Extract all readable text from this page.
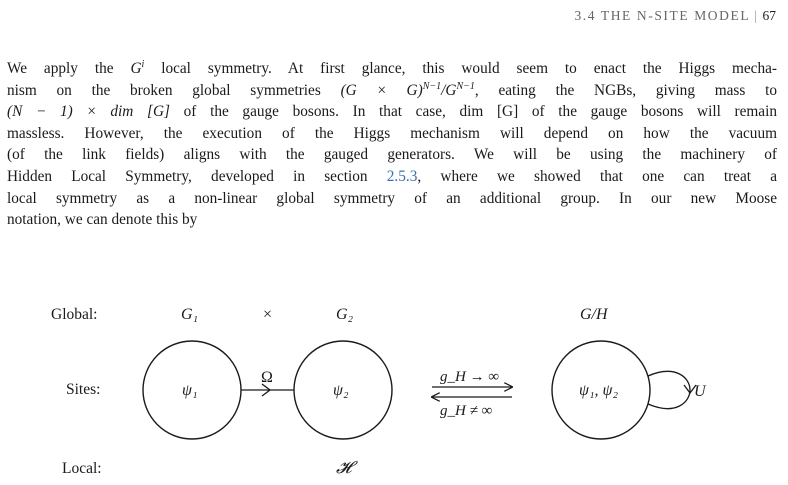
3.4 THE N-SITE MODEL | 67
We apply the $G^i$ local symmetry. At first glance, this would seem to enact the Higgs mecha-
nism on the broken global symmetries $(G \times G)^{N-1}/G^{N-1}$, eating the NGBs, giving mass to
(N − 1) × dim [G] of the gauge bosons. In that case, dim [G] of the gauge bosons will remain
massless. However, the execution of the Higgs mechanism will depend on how the vacuum
(of the link fields) aligns with the gauged generators. We will be using the machinery of
Hidden Local Symmetry, developed in section 2.5.3, where we showed that one can treat a
local symmetry as a non-linear global symmetry of an additional group. In our new Moose
notation, we can denote this by
Global:
Sites:
Local:
G₁	×	G₂	G/H
ψ₁	ψ₂	ψ₁, ψ₂
Ω
U
g_H → ∞
g_H ≠ ∞
𝓗
